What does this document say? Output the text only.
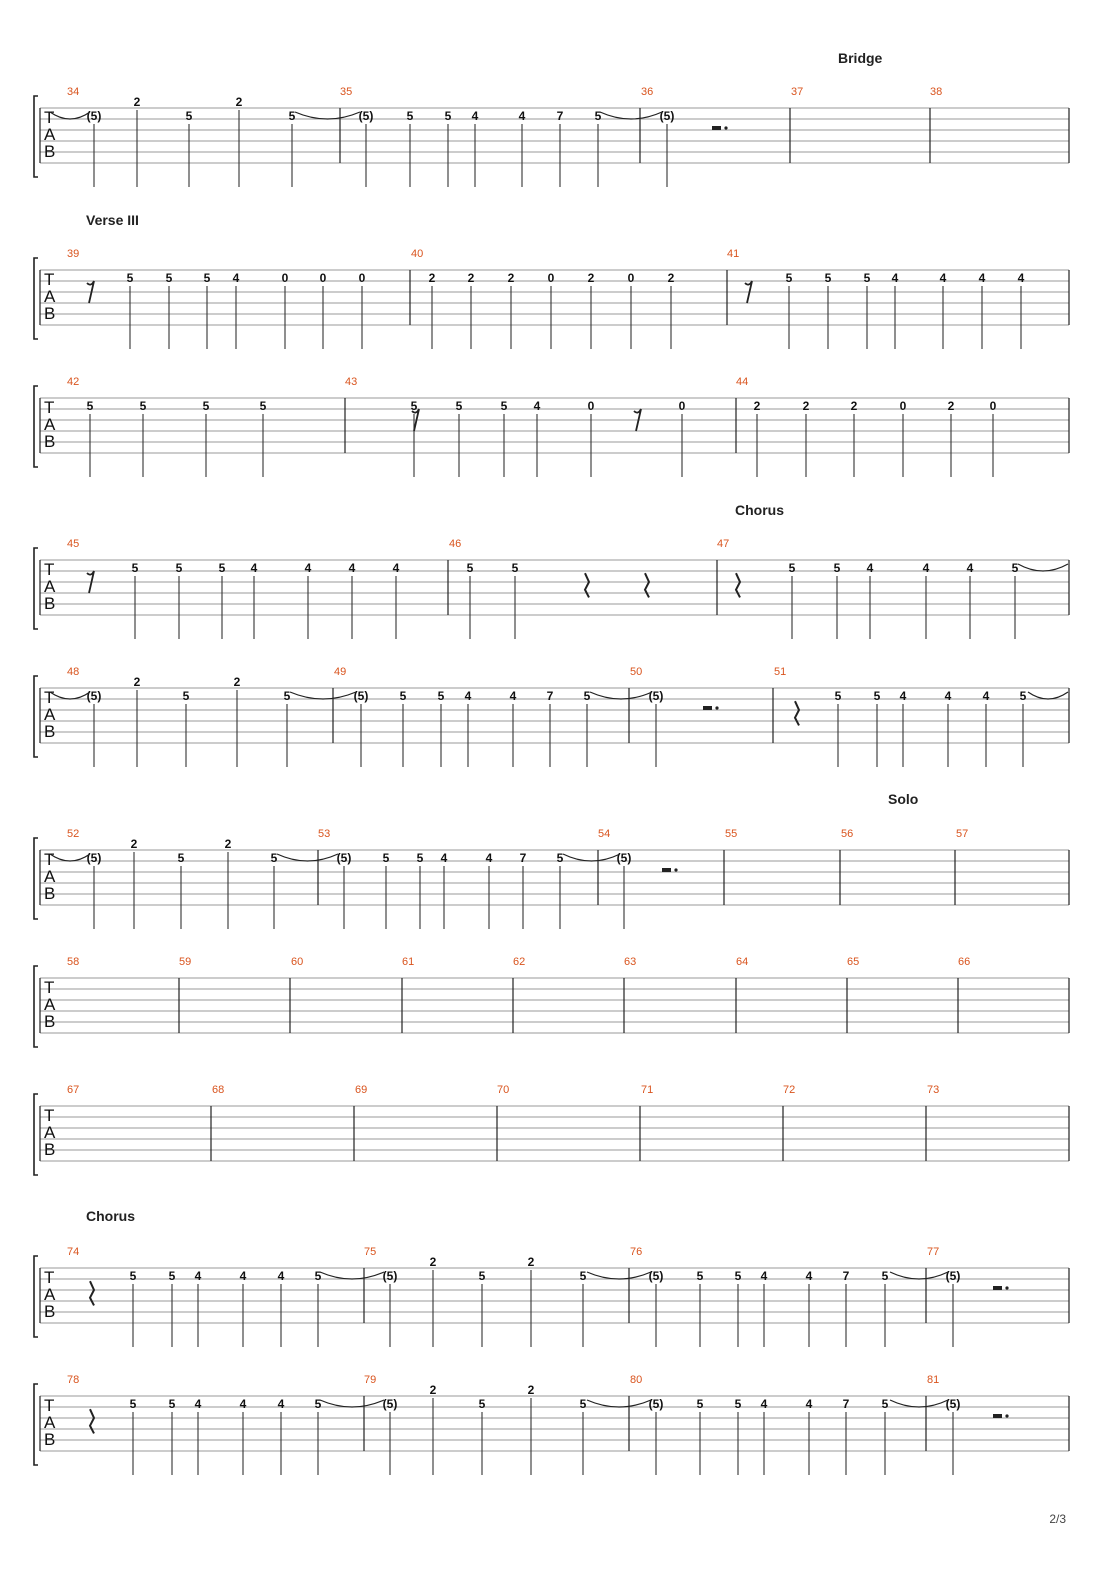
Bridge
T
A
B
34
(5)
2
5
2
5
35
(5)	5	5 4	4	7	5
36
(5)
37	38
Verse III
T
A
B
39
5	5	5 4	0	0	0
40
2	2	2	0	2	0	2
41
5	5	5 4	4	4	4
T
A
B
42
5	5	5	5
43
5	5	5 4	0	0
44
2	2	2	0	2	0
Chorus
T
A
B
45
5	5	5 4	4	4	4
46
5	5
47
5	5 4	4	4	5
T
A
B
48
(5)
2
5
2
5
49
(5)	5	5 4	4	7	5
50
(5)
51
5	5 4	4	4	5
Solo
T
A
B
52
(5)
2
5
2
5
53
(5)	5 5 4	4 7	5
54
(5)
55	56	57
T
A
B
58	59	60	61	62	63	64	65	66
T
A
B
67	68	69	70	71	72	73
Chorus
T
A
B
74
5	5 4	4	4	5
75
(5)
2
5
2
5
76
(5)	5	5 4	4	7	5
77
(5)
T
A
B
78
5	5 4	4	4	5
79
(5)
2
5
2
5
80
(5)	5	5 4	4	7	5
81
(5)
2/3
